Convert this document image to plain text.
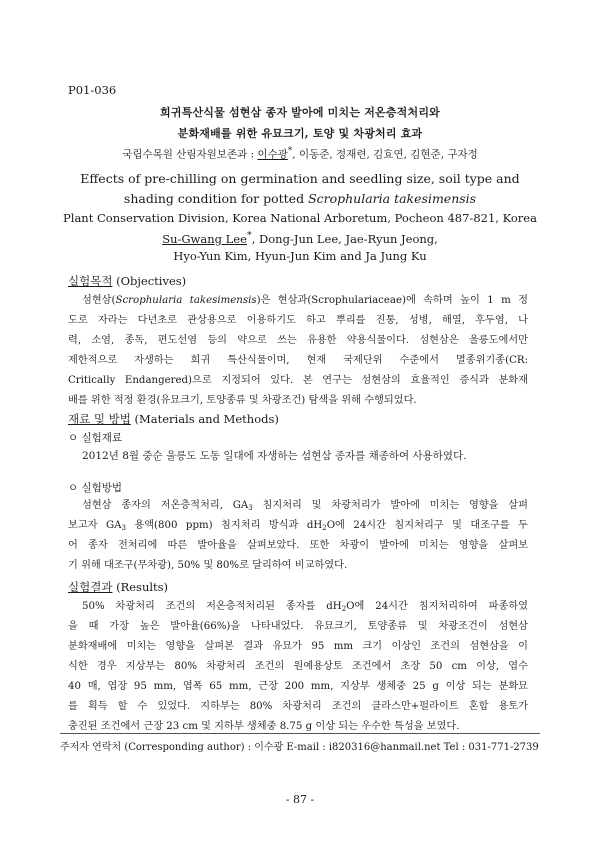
P01-036
희귀특산식물 섬현삼 종자 발아에 미치는 저온층적처리와
분화재배를 위한 유묘크기, 토양 및 차광처리 효과
국립수목원 산림자원보존과 : 이수광*, 이동준, 정재련, 김효연, 김현준, 구자정
Effects of pre-chilling on germination and seedling size, soil type and
shading condition for potted Scrophularia takesimensis
Plant Conservation Division, Korea National Arboretum, Pocheon 487-821, Korea
Su-Gwang Lee*, Dong-Jun Lee, Jae-Ryun Jeong,
Hyo-Yun Kim, Hyun-Jun Kim and Ja Jung Ku
실험목적 (Objectives)
섬현삼(Scrophularia takesimensis)은 현삼과(Scrophulariaceae)에 속하며 높이 1 m 정
도로 자라는 다년초로 관상용으로 이용하기도 하고 뿌리를 진통, 성병, 해열, 후두염, 나
력, 소염, 종독, 편도선염 등의 약으로 쓰는 유용한 약용식물이다. 섬현삼은 울릉도에서만
제한적으로 자생하는 희귀 특산식물이며, 현재 국제단위 수준에서 멸종위기종(CR:
Critically Endangered)으로 지정되어 있다. 본 연구는 섬현삼의 효율적인 증식과 분화재
배를 위한 적정 환경(유묘크기, 토양종류 및 차광조건) 탐색을 위해 수행되었다.
재료 및 방법 (Materials and Methods)
ㅇ 실험재료
2012년 8월 중순 울릉도 도동 일대에 자생하는 섬현삼 종자를 채종하여 사용하였다.
ㅇ 실험방법
섬현삼 종자의 저온층적처리, $GA_3$ 침지처리 및 차광처리가 발아에 미치는 영향을 살펴
보고자 $GA_3$ 용액(800 ppm) 침지처리 방식과 $dH_2O$에 24시간 침지처리구 및 대조구를 두
어 종자 전처리에 따른 발아율을 살펴보았다. 또한 차광이 발아에 미치는 영향을 살펴보
기 위해 대조구(무차광), 50% 및 80%로 달리하여 비교하였다.
실험결과 (Results)
50% 차광처리 조건의 저온층적처리된 종자를 $dH_2O$에 24시간 침지처리하여 파종하였
을 때 가장 높은 발아율(66%)을 나타내었다. 유묘크기, 토양종류 및 차광조건이 섬현삼
분화재배에 미치는 영향을 살펴본 결과 유묘가 95 mm 크기 이상인 조건의 섬현삼을 이
식한 경우 지상부는 80% 차광처리 조건의 원예용상토 조건에서 초장 50 cm 이상, 엽수
40 매, 엽장 95 mm, 엽폭 65 mm, 근장 200 mm, 지상부 생체중 25 g 이상 되는 분화묘
를 획득 할 수 있었다. 지하부는 80% 차광처리 조건의 클라스만+펄라이트 혼합 용토가
충진된 조건에서 근장 23 cm 및 지하부 생체중 8.75 g 이상 되는 우수한 특성을 보였다.
주저자 연락처 (Corresponding author) : 이수광 E-mail : i820316@hanmail.net Tel : 031-771-2739
- 87 -
